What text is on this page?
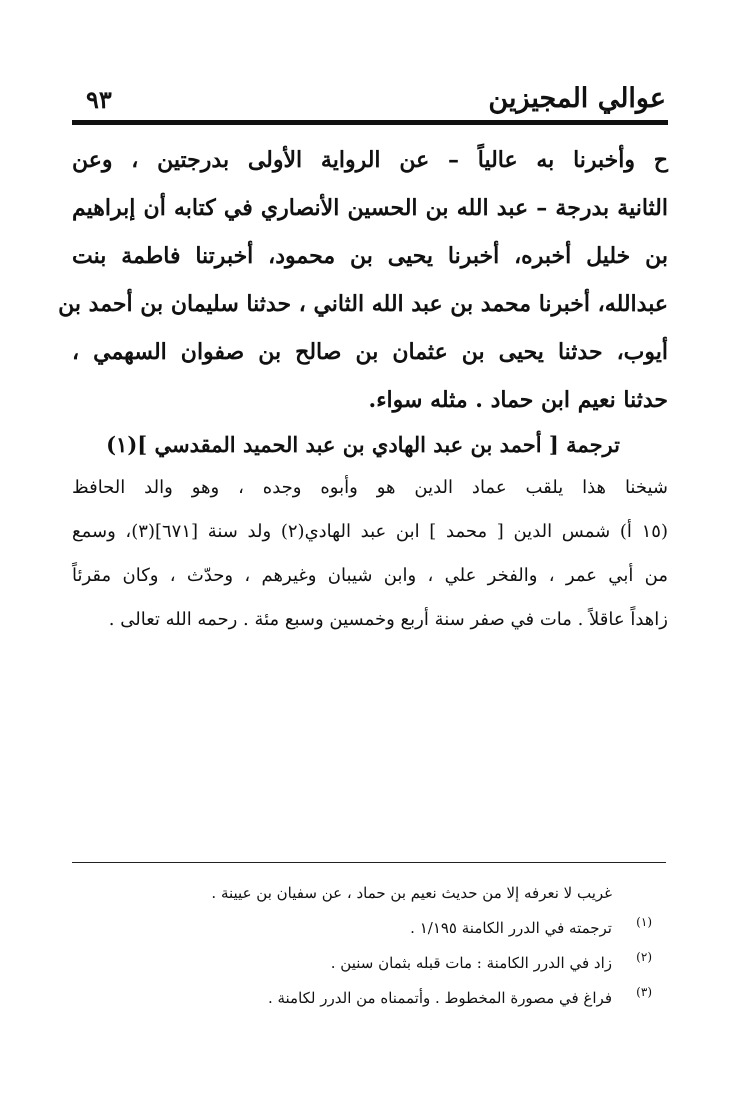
عوالي المجيزين
٩٣
ح وأخبرنا به عالياً – عن الرواية الأولى بدرجتين ، وعن
الثانية بدرجة – عبد الله بن الحسين الأنصاري في كتابه أن إبراهيم
بن خليل أخبره، أخبرنا يحيى بن محمود، أخبرتنا فاطمة بنت
عبدالله، أخبرنا محمد بن عبد الله الثاني ، حدثنا سليمان بن أحمد بن
أيوب، حدثنا يحيى بن عثمان بن صالح بن صفوان السهمي ،
حدثنا نعيم ابن حماد . مثله سواء.
ترجمة [ أحمد بن عبد الهادي بن عبد الحميد المقدسي ](١)
شيخنا هذا يلقب عماد الدين هو وأبوه وجده ، وهو والد الحافظ
(١٥ أ) شمس الدين [ محمد ] ابن عبد الهادي(٢) ولد سنة [٦٧١](٣)، وسمع
من أبي عمر ، والفخر علي ، وابن شيبان وغيرهم ، وحدّث ، وكان مقرئاً
زاهداً عاقلاً . مات في صفر سنة أربع وخمسين وسبع مئة . رحمه الله تعالى .
غريب لا نعرفه إلا من حديث نعيم بن حماد ، عن سفيان بن عيينة .
(١)
ترجمته في الدرر الكامنة ١/١٩٥ .
(٢)
زاد في الدرر الكامنة : مات قبله بثمان سنين .
(٣)
فراغ في مصورة المخطوط . وأتممناه من الدرر لكامنة .
